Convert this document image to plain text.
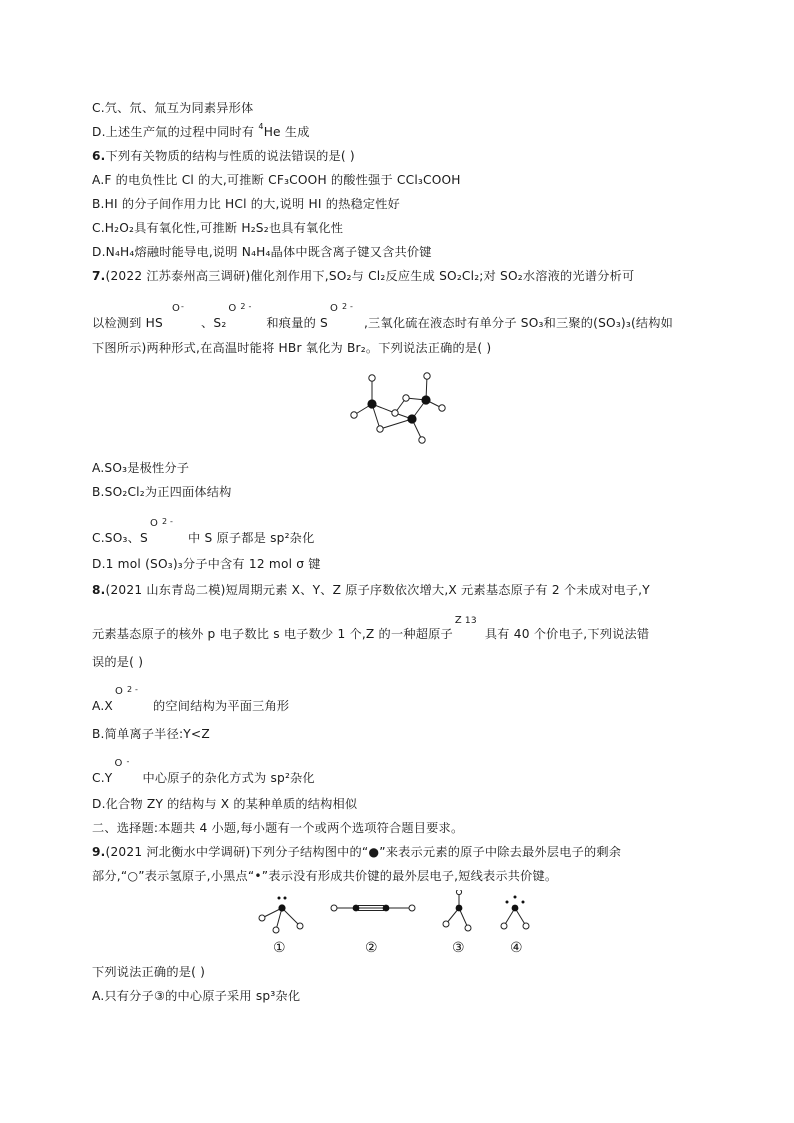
C.氕、氘、氚互为同素异形体
D.上述生产氚的过程中同时有 $^4$He 生成
6.下列有关物质的结构与性质的说法错误的是( )
A.F 的电负性比 Cl 的大,可推断 CF₃COOH 的酸性强于 CCl₃COOH
B.HI 的分子间作用力比 HCl 的大,说明 HI 的热稳定性好
C.H₂O₂具有氧化性,可推断 H₂S₂也具有氧化性
D.N₄H₄熔融时能导电,说明 N₄H₄晶体中既含离子键又含共价键
7.(2022 江苏泰州高三调研)催化剂作用下,SO₂与 Cl₂反应生成 SO₂Cl₂;对 SO₂水溶液的光谱分析可
以检测到 HS
O -
、S₂
O 2 -
和痕量的 S
O 2 -
,三氧化硫在液态时有单分子 SO₃和三聚的(SO₃)₃(结构如
下图所示)两种形式,在高温时能将 HBr 氧化为 Br₂。下列说法正确的是( )
A.SO₃是极性分子
B.SO₂Cl₂为正四面体结构
C.SO₃、S
O 2 -
中 S 原子都是 sp²杂化
D.1 mol (SO₃)₃分子中含有 12 mol σ 键
8.(2021 山东青岛二模)短周期元素 X、Y、Z 原子序数依次增大,X 元素基态原子有 2 个未成对电子,Y
元素基态原子的核外 p 电子数比 s 电子数少 1 个,Z 的一种超原子
Z 13
具有 40 个价电子,下列说法错
误的是( )
A.X
O 2 -
的空间结构为平面三角形
B.简单离子半径:Y<Z
C.Y
O -
中心原子的杂化方式为 sp²杂化
D.化合物 ZY 的结构与 X 的某种单质的结构相似
二、选择题:本题共 4 小题,每小题有一个或两个选项符合题目要求。
9.(2021 河北衡水中学调研)下列分子结构图中的“●”来表示元素的原子中除去最外层电子的剩余
部分,“○”表示氢原子,小黑点“•”表示没有形成共价键的最外层电子,短线表示共价键。
①	②	③	④
下列说法正确的是( )
A.只有分子③的中心原子采用 sp³杂化
